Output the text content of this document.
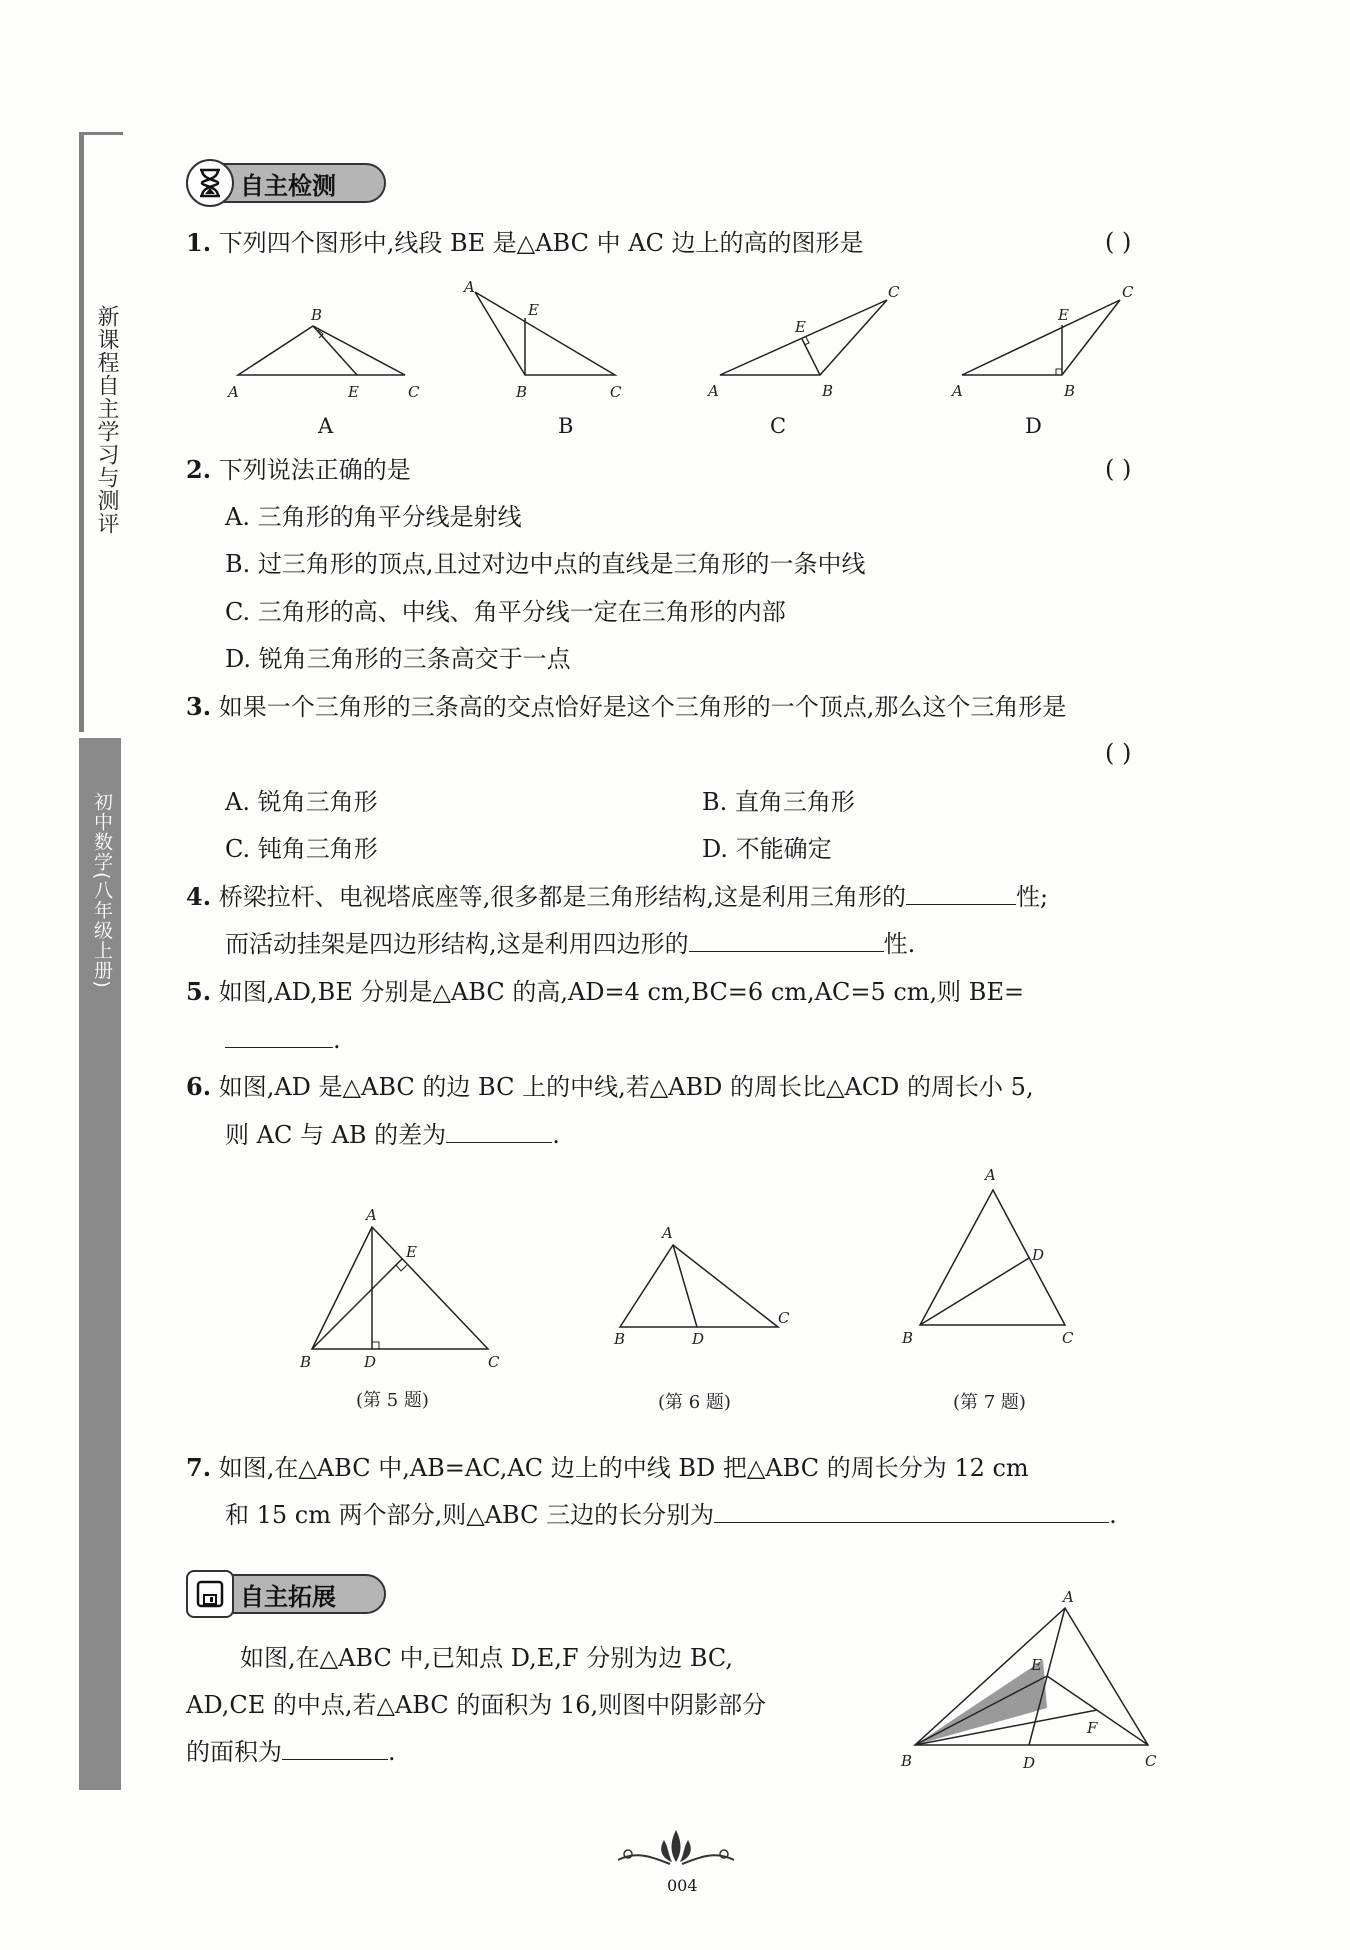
新课程自主学习与测评
初中数学(八年级上册)
自主检测
1. 下列四个图形中,线段 BE 是△ABC 中 AC 边上的高的图形是	( )
A
B
E	C
A
E
B	C	A
E
B
C
A
E
B
C
A	B	C	D
2. 下列说法正确的是	( )
A. 三角形的角平分线是射线
B. 过三角形的顶点,且过对边中点的直线是三角形的一条中线
C. 三角形的高、中线、角平分线一定在三角形的内部
D. 锐角三角形的三条高交于一点
3. 如果一个三角形的三条高的交点恰好是这个三角形的一个顶点,那么这个三角形是
( )
A. 锐角三角形	B. 直角三角形
C. 钝角三角形	D. 不能确定
4. 桥梁拉杆、电视塔底座等,很多都是三角形结构,这是利用三角形的	性;
而活动挂架是四边形结构,这是利用四边形的	性.
5. 如图,AD,BE 分别是△ABC 的高,AD=4 cm,BC=6 cm,AC=5 cm,则 BE=
.
6. 如图,AD 是△ABC 的边 BC 上的中线,若△ABD 的周长比△ACD 的周长小 5,
则 AC 与 AB 的差为	.
A
E
B	D	C
A
B	D
C
A
D
B	C
(第 5 题)	(第 6 题)	(第 7 题)
7. 如图,在△ABC 中,AB=AC,AC 边上的中线 BD 把△ABC 的周长分为 12 cm
和 15 cm 两个部分,则△ABC 三边的长分别为	.
自主拓展
如图,在△ABC 中,已知点 D,E,F 分别为边 BC,
AD,CE 的中点,若△ABC 的面积为 16,则图中阴影部分
的面积为	.
A
E
F
B	D	C
004
